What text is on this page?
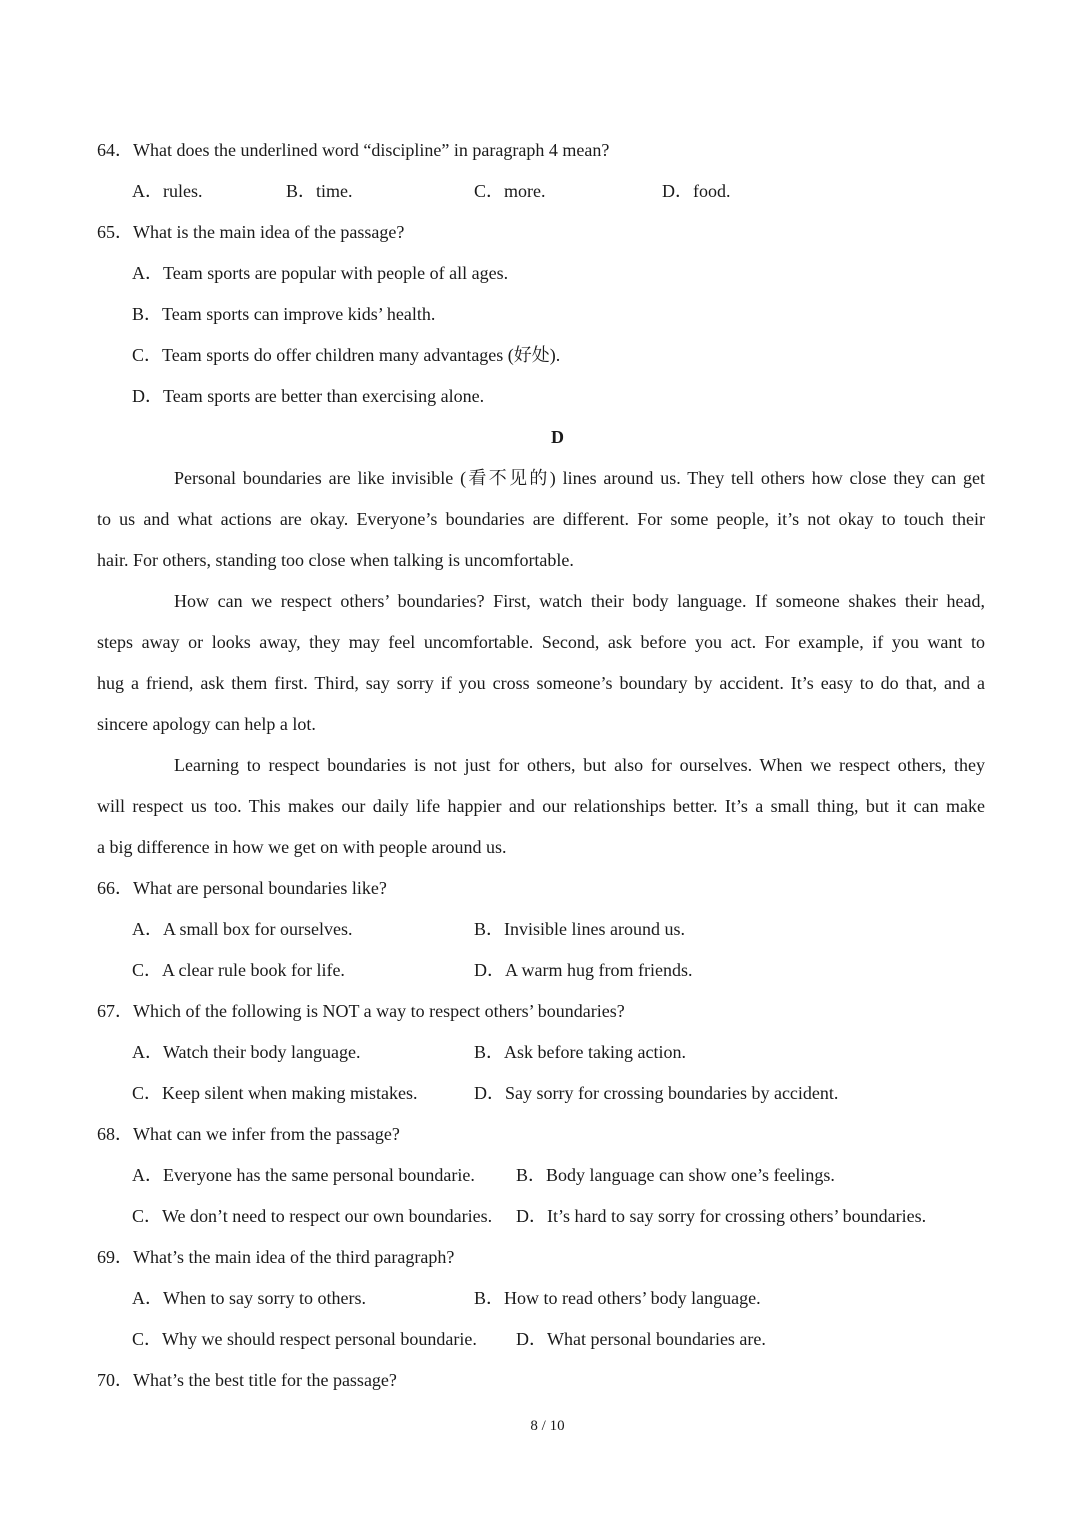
64．What does the underlined word “discipline” in paragraph 4 mean?
A．rules.	B．time.	C．more.	D．food.
65．What is the main idea of the passage?
A．Team sports are popular with people of all ages.
B．Team sports can improve kids’ health.
C．Team sports do offer children many advantages (好处).
D．Team sports are better than exercising alone.
D
Personal boundaries are like invisible (看不见的) lines around us. They tell others how close they can get
to us and what actions are okay. Everyone’s boundaries are different. For some people, it’s not okay to touch their
hair. For others, standing too close when talking is uncomfortable.
How can we respect others’ boundaries? First, watch their body language. If someone shakes their head,
steps away or looks away, they may feel uncomfortable. Second, ask before you act. For example, if you want to
hug a friend, ask them first. Third, say sorry if you cross someone’s boundary by accident. It’s easy to do that, and a
sincere apology can help a lot.
Learning to respect boundaries is not just for others, but also for ourselves. When we respect others, they
will respect us too. This makes our daily life happier and our relationships better. It’s a small thing, but it can make
a big difference in how we get on with people around us.
66．What are personal boundaries like?
A．A small box for ourselves.	B．Invisible lines around us.
C．A clear rule book for life.	D．A warm hug from friends.
67．Which of the following is NOT a way to respect others’ boundaries?
A．Watch their body language.	B．Ask before taking action.
C．Keep silent when making mistakes.	D．Say sorry for crossing boundaries by accident.
68．What can we infer from the passage?
A．Everyone has the same personal boundarie. B．Body language can show one’s feelings.
C．We don’t need to respect our own boundaries. D．It’s hard to say sorry for crossing others’ boundaries.
69．What’s the main idea of the third paragraph?
A．When to say sorry to others.	B．How to read others’ body language.
C．Why we should respect personal boundarie. D．What personal boundaries are.
70．What’s the best title for the passage?
8 / 10
